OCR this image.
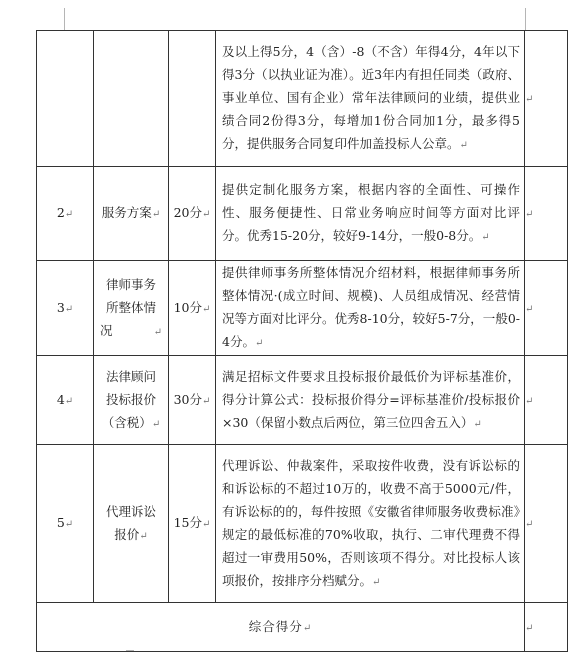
			及以上得5分，4（含）-8（不含）年得4分，4年以下得3分（以执业证为准）。近3年内有担任同类（政府、事业单位、国有企业）常年法律顾问的业绩，提供业绩合同2份得3分，每增加1份合同加1分，最多得5分，提供服务合同复印件加盖投标人公章。↵	↵
2↵	服务方案↵	20分↵	提供定制化服务方案，根据内容的全面性、可操作性、服务便捷性、日常业务响应时间等方面对比评分。优秀15-20分，较好9-14分，一般0-8分。↵	↵
3↵	律师事务所整体情况↵	10分↵	提供律师事务所整体情况介绍材料，根据律师事务所整体情况·(成立时间、规模)、人员组成情况、经营情况等方面对比评分。优秀8-10分，较好5-7分，一般0-4分。↵	↵
4↵	法律顾问投标报价（含税）↵	30分↵	满足招标文件要求且投标报价最低价为评标基准价，得分计算公式：投标报价得分=评标基准价/投标报价×30（保留小数点后两位，第三位四舍五入）↵	↵
5↵	代理诉讼报价↵	15分↵	代理诉讼、仲裁案件，采取按件收费，没有诉讼标的和诉讼标的不超过10万的，收费不高于5000元/件，有诉讼标的的，每件按照《安徽省律师服务收费标准》规定的最低标准的70%收取，执行、二审代理费不得超过一审费用50%，否则该项不得分。对比投标人该项报价，按排序分档赋分。↵	↵
综合得分↵				↵
